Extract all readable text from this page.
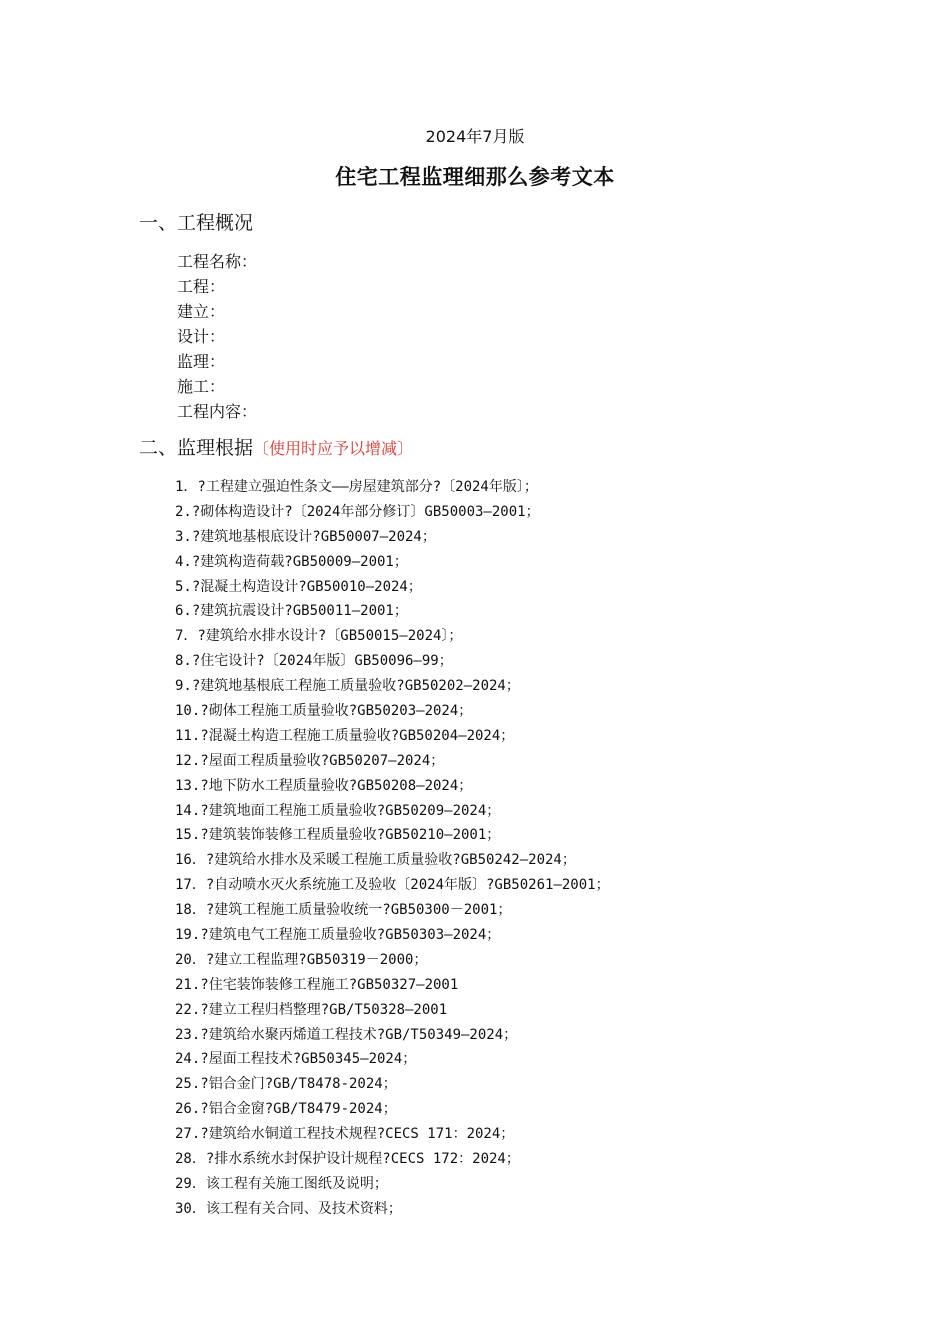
2024年7月版
住宅工程监理细那么参考文本
一、工程概况
工程名称：
工程：
建立：
设计：
监理：
施工：
工程内容：
二、监理根据〔使用时应予以增减〕
1．?工程建立强迫性条文——房屋建筑部分?〔2024年版〕；
2.?砌体构造设计?〔2024年部分修订〕GB50003—2001；
3.?建筑地基根底设计?GB50007—2024；
4.?建筑构造荷载?GB50009—2001；
5.?混凝土构造设计?GB50010—2024；
6.?建筑抗震设计?GB50011—2001；
7．?建筑给水排水设计?〔GB50015—2024〕；
8.?住宅设计?〔2024年版〕GB50096—99；
9.?建筑地基根底工程施工质量验收?GB50202—2024；
10.?砌体工程施工质量验收?GB50203—2024；
11.?混凝土构造工程施工质量验收?GB50204—2024；
12.?屋面工程质量验收?GB50207—2024；
13.?地下防水工程质量验收?GB50208—2024；
14.?建筑地面工程施工质量验收?GB50209—2024；
15.?建筑装饰装修工程质量验收?GB50210—2001；
16．?建筑给水排水及采暖工程施工质量验收?GB50242—2024；
17．?自动喷水灭火系统施工及验收〔2024年版〕?GB50261—2001；
18．?建筑工程施工质量验收统一?GB50300－2001；
19.?建筑电气工程施工质量验收?GB50303—2024；
20．?建立工程监理?GB50319－2000；
21.?住宅装饰装修工程施工?GB50327—2001
22.?建立工程归档整理?GB/T50328—2001
23.?建筑给水聚丙烯道工程技术?GB/T50349—2024；
24.?屋面工程技术?GB50345—2024；
25.?铝合金门?GB/T8478-2024；
26.?铝合金窗?GB/T8479-2024；
27.?建筑给水铜道工程技术规程?CECS 171：2024；
28．?排水系统水封保护设计规程?CECS 172：2024；
29．该工程有关施工图纸及说明；
30．该工程有关合同、及技术资料；
